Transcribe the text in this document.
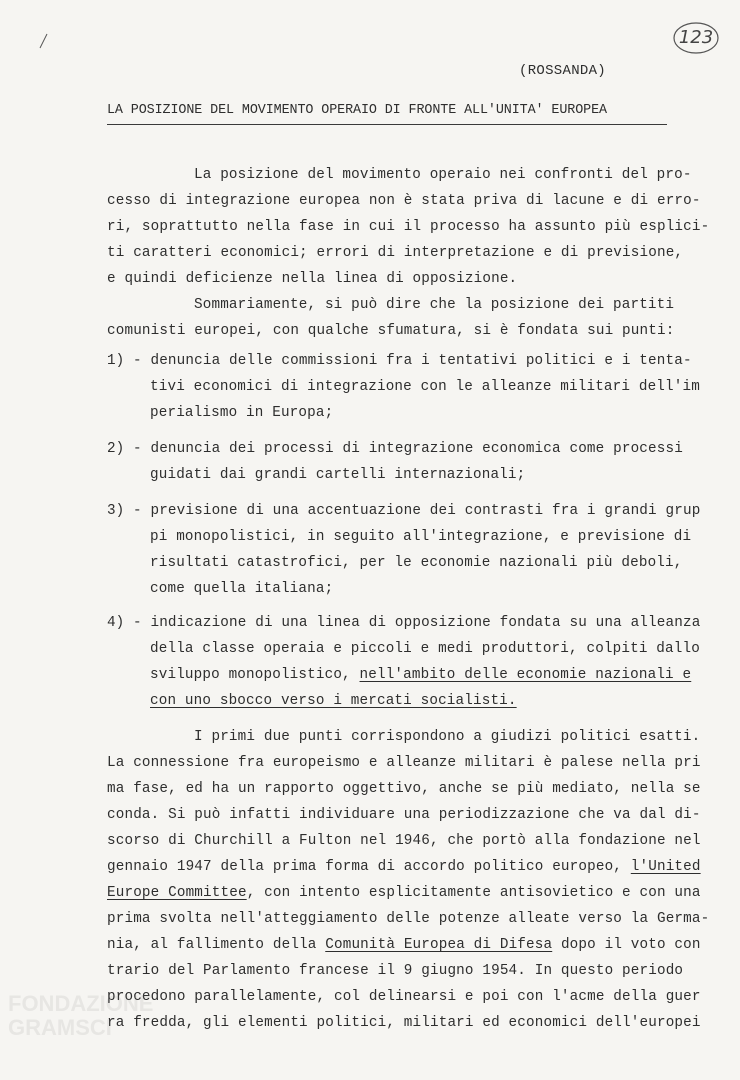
123
(ROSSANDA)
LA POSIZIONE DEL MOVIMENTO OPERAIO DI FRONTE ALL'UNITA' EUROPEA
La posizione del movimento operaio nei confronti del pro-
cesso di integrazione europea non è stata priva di lacune e di erro-
ri, soprattutto nella fase in cui il processo ha assunto più esplici-
ti caratteri economici; errori di interpretazione e di previsione,
e quindi deficienze nella linea di opposizione.
Sommariamente, si può dire che la posizione dei partiti
comunisti europei, con qualche sfumatura, si è fondata sui punti:
1) - denuncia delle commissioni fra i tentativi politici e i tenta-
tivi economici di integrazione con le alleanze militari dell'im
perialismo in Europa;
2) - denuncia dei processi di integrazione economica come processi
guidati dai grandi cartelli internazionali;
3) - previsione di una accentuazione dei contrasti fra i grandi grup
pi monopolistici, in seguito all'integrazione, e previsione di
risultati catastrofici, per le economie nazionali più deboli,
come quella italiana;
4) - indicazione di una linea di opposizione fondata su una alleanza
della classe operaia e piccoli e medi produttori, colpiti dallo
sviluppo monopolistico, nell'ambito delle economie nazionali e
con uno sbocco verso i mercati socialisti.
I primi due punti corrispondono a giudizi politici esatti.
La connessione fra europeismo e alleanze militari è palese nella pri
ma fase, ed ha un rapporto oggettivo, anche se più mediato, nella se
conda. Si può infatti individuare una periodizzazione che va dal di-
scorso di Churchill a Fulton nel 1946, che portò alla fondazione nel
gennaio 1947 della prima forma di accordo politico europeo, l'United
Europe Committee, con intento esplicitamente antisovietico e con una
prima svolta nell'atteggiamento delle potenze alleate verso la Germa-
nia, al fallimento della Comunità Europea di Difesa dopo il voto con
trario del Parlamento francese il 9 giugno 1954. In questo periodo
procedono parallelamente, col delinearsi e poi con l'acme della guer
ra fredda, gli elementi politici, militari ed economici dell'europei
FONDAZIONE
GRAMSCI
